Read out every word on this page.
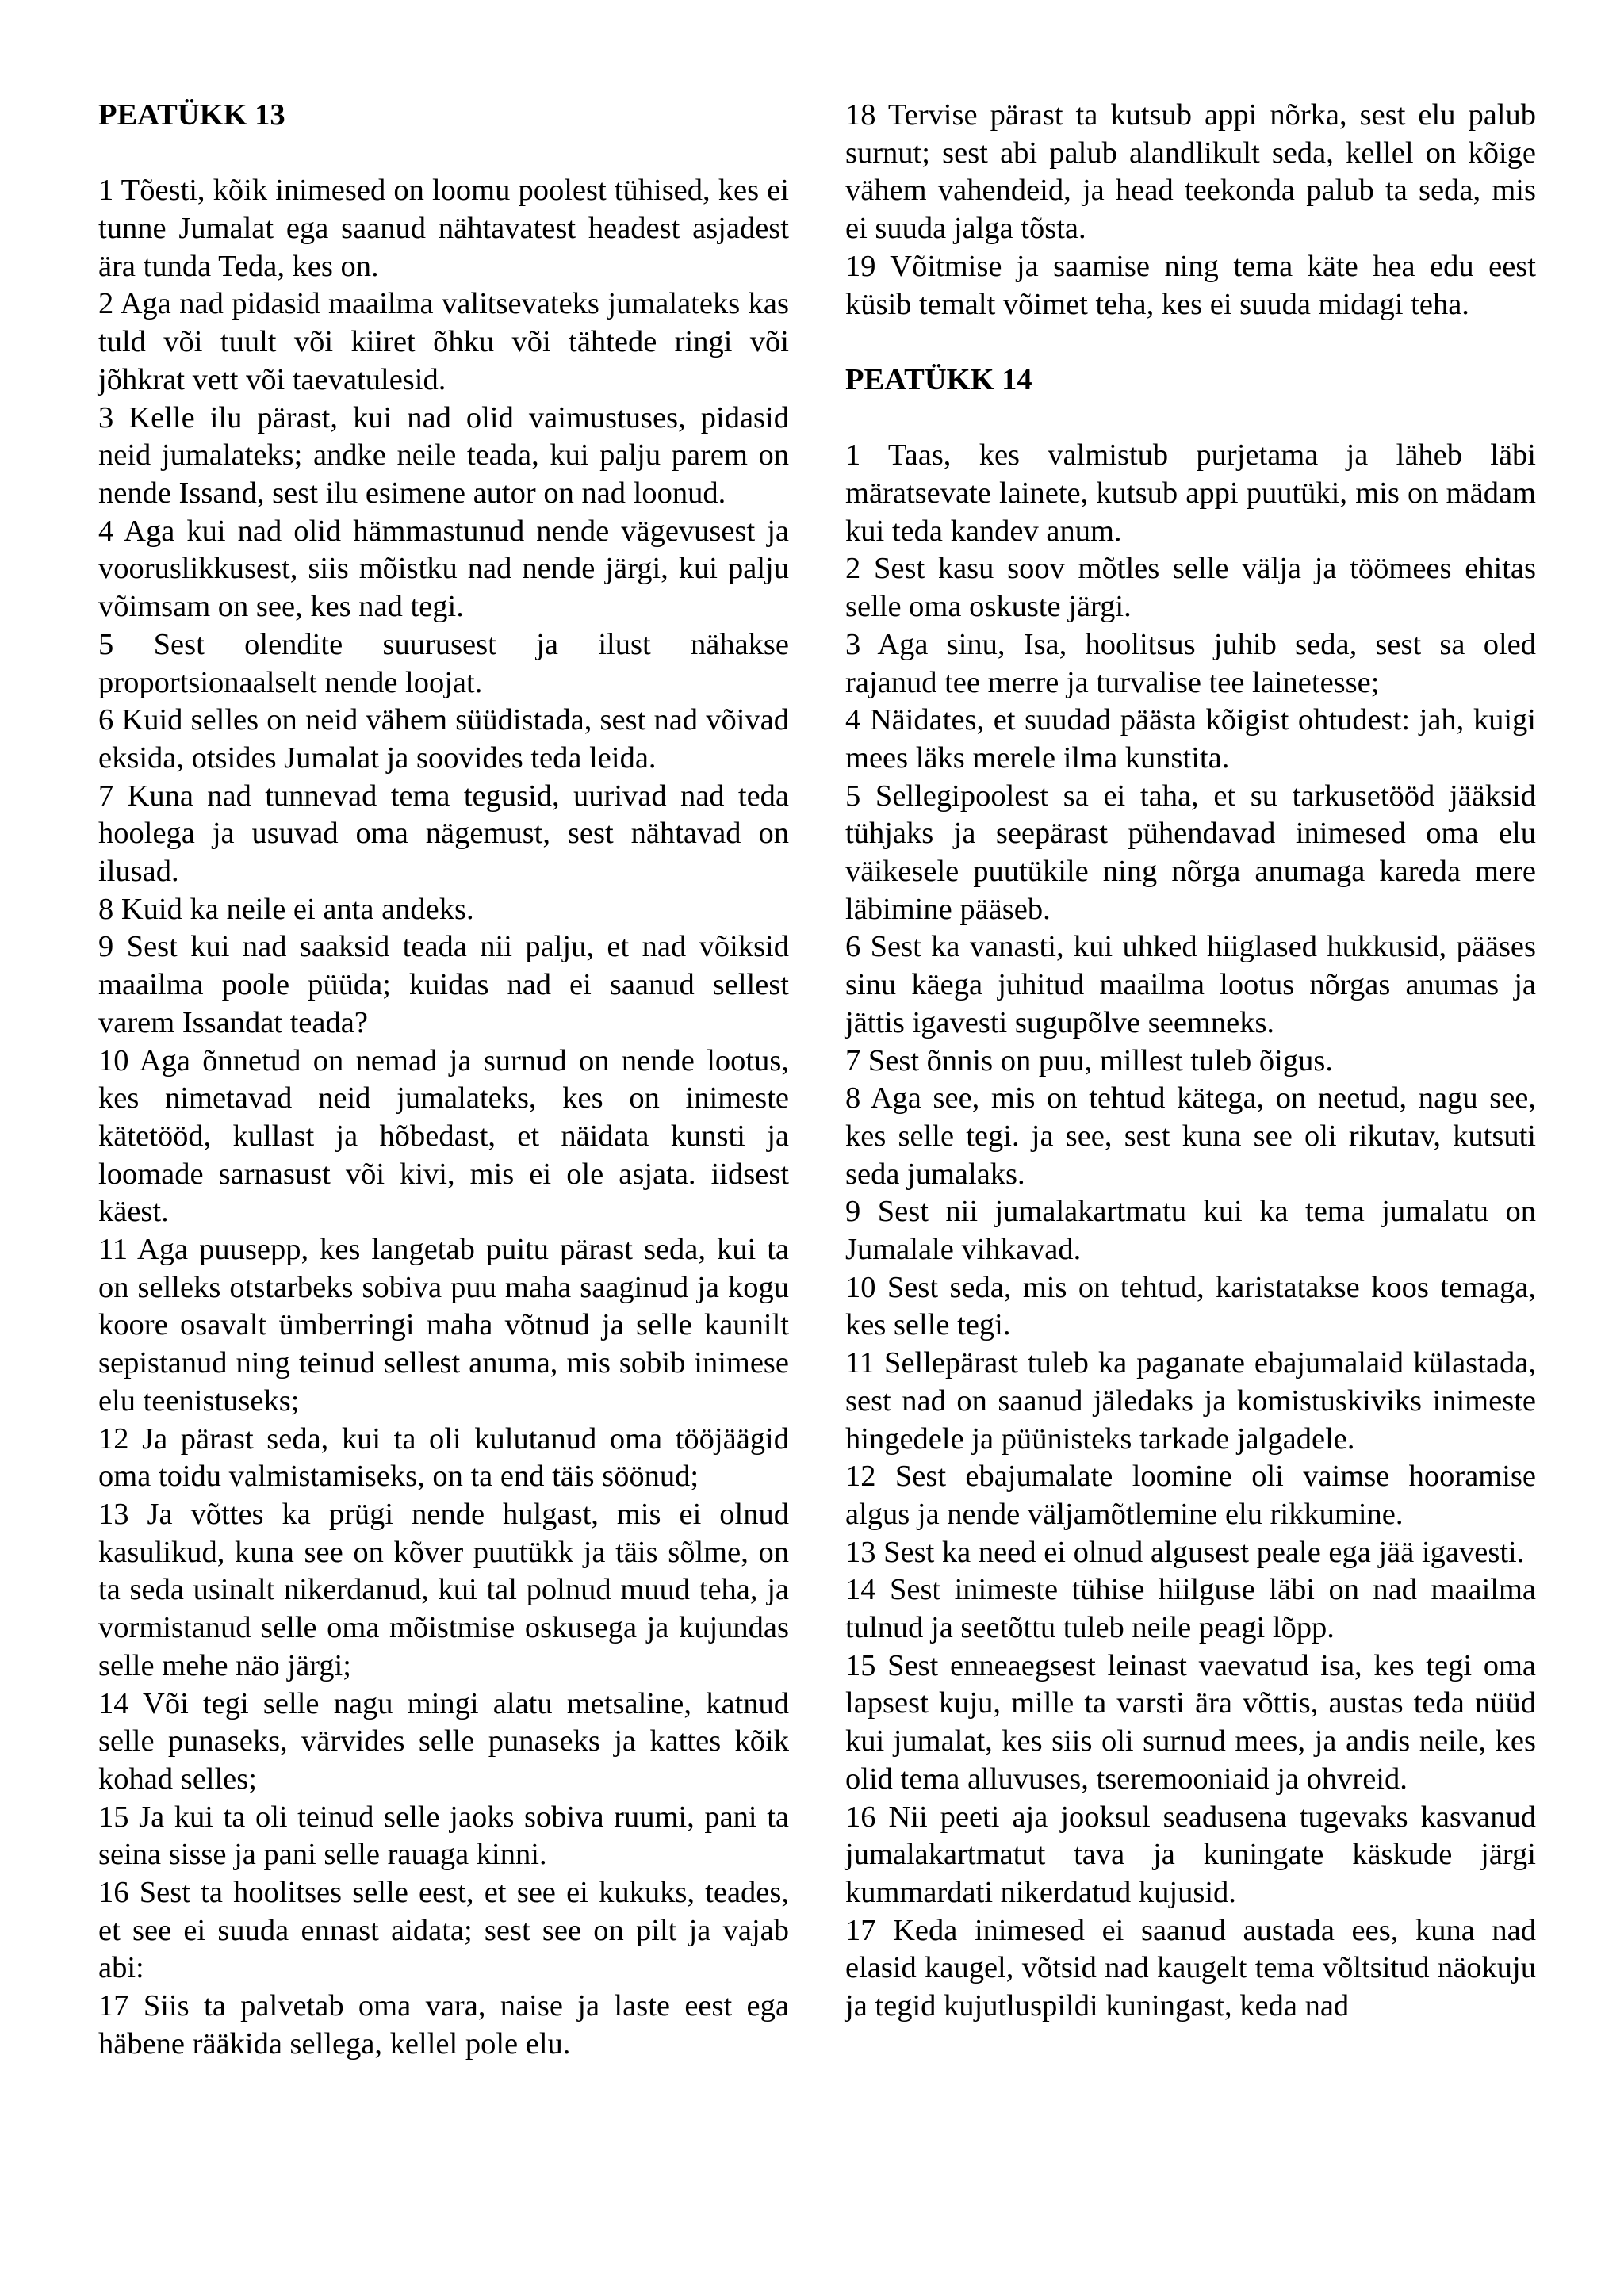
PEATÜKK 13

1 Tõesti, kõik inimesed on loomu poolest tühised, kes ei tunne Jumalat ega saanud nähtavatest headest asjadest ära tunda Teda, kes on.

2 Aga nad pidasid maailma valitsevateks jumalateks kas tuld või tuult või kiiret õhku või tähtede ringi või jõhkrat vett või taevatulesid.

3 Kelle ilu pärast, kui nad olid vaimustuses, pidasid neid jumalateks; andke neile teada, kui palju parem on nende Issand, sest ilu esimene autor on nad loonud.

4 Aga kui nad olid hämmastunud nende vägevusest ja vooruslikkusest, siis mõistku nad nende järgi, kui palju võimsam on see, kes nad tegi.

5 Sest olendite suurusest ja ilust nähakse proportsionaalselt nende loojat.

6 Kuid selles on neid vähem süüdistada, sest nad võivad eksida, otsides Jumalat ja soovides teda leida.

7 Kuna nad tunnevad tema tegusid, uurivad nad teda hoolega ja usuvad oma nägemust, sest nähtavad on ilusad.

8 Kuid ka neile ei anta andeks.

9 Sest kui nad saaksid teada nii palju, et nad võiksid maailma poole püüda; kuidas nad ei saanud sellest varem Issandat teada?

10 Aga õnnetud on nemad ja surnud on nende lootus, kes nimetavad neid jumalateks, kes on inimeste kätetööd, kullast ja hõbedast, et näidata kunsti ja loomade sarnasust või kivi, mis ei ole asjata. iidsest käest.

11 Aga puusepp, kes langetab puitu pärast seda, kui ta on selleks otstarbeks sobiva puu maha saaginud ja kogu koore osavalt ümberringi maha võtnud ja selle kaunilt sepistanud ning teinud sellest anuma, mis sobib inimese elu teenistuseks;

12 Ja pärast seda, kui ta oli kulutanud oma tööjäägid oma toidu valmistamiseks, on ta end täis söönud;

13 Ja võttes ka prügi nende hulgast, mis ei olnud kasulikud, kuna see on kõver puutükk ja täis sõlme, on ta seda usinalt nikerdanud, kui tal polnud muud teha, ja vormistanud selle oma mõistmise oskusega ja kujundas selle mehe näo järgi;

14 Või tegi selle nagu mingi alatu metsaline, katnud selle punaseks, värvides selle punaseks ja kattes kõik kohad selles;

15 Ja kui ta oli teinud selle jaoks sobiva ruumi, pani ta seina sisse ja pani selle rauaga kinni.

16 Sest ta hoolitses selle eest, et see ei kukuks, teades, et see ei suuda ennast aidata; sest see on pilt ja vajab abi:

17 Siis ta palvetab oma vara, naise ja laste eest ega häbene rääkida sellega, kellel pole elu.

18 Tervise pärast ta kutsub appi nõrka, sest elu palub surnut; sest abi palub alandlikult seda, kellel on kõige vähem vahendeid, ja head teekonda palub ta seda, mis ei suuda jalga tõsta.

19 Võitmise ja saamise ning tema käte hea edu eest küsib temalt võimet teha, kes ei suuda midagi teha.

PEATÜKK 14

1 Taas, kes valmistub purjetama ja läheb läbi märatsevate lainete, kutsub appi puutüki, mis on mädam kui teda kandev anum.

2 Sest kasu soov mõtles selle välja ja töömees ehitas selle oma oskuste järgi.

3 Aga sinu, Isa, hoolitsus juhib seda, sest sa oled rajanud tee merre ja turvalise tee lainetesse;

4 Näidates, et suudad päästa kõigist ohtudest: jah, kuigi mees läks merele ilma kunstita.

5 Sellegipoolest sa ei taha, et su tarkusetööd jääksid tühjaks ja seepärast pühendavad inimesed oma elu väikesele puutükile ning nõrga anumaga kareda mere läbimine pääseb.

6 Sest ka vanasti, kui uhked hiiglased hukkusid, pääses sinu käega juhitud maailma lootus nõrgas anumas ja jättis igavesti sugupõlve seemneks.

7 Sest õnnis on puu, millest tuleb õigus.

8 Aga see, mis on tehtud kätega, on neetud, nagu see, kes selle tegi. ja see, sest kuna see oli rikutav, kutsuti seda jumalaks.

9 Sest nii jumalakartmatu kui ka tema jumalatu on Jumalale vihkavad.

10 Sest seda, mis on tehtud, karistatakse koos temaga, kes selle tegi.

11 Sellepärast tuleb ka paganate ebajumalaid külastada, sest nad on saanud jäledaks ja komistuskiviks inimeste hingedele ja püünisteks tarkade jalgadele.

12 Sest ebajumalate loomine oli vaimse hooramise algus ja nende väljamõtlemine elu rikkumine.

13 Sest ka need ei olnud algusest peale ega jää igavesti.

14 Sest inimeste tühise hiilguse läbi on nad maailma tulnud ja seetõttu tuleb neile peagi lõpp.

15 Sest enneaegsest leinast vaevatud isa, kes tegi oma lapsest kuju, mille ta varsti ära võttis, austas teda nüüd kui jumalat, kes siis oli surnud mees, ja andis neile, kes olid tema alluvuses, tseremooniaid ja ohvreid.

16 Nii peeti aja jooksul seadusena tugevaks kasvanud jumalakartmatut tava ja kuningate käskude järgi kummardati nikerdatud kujusid.

17 Keda inimesed ei saanud austada ees, kuna nad elasid kaugel, võtsid nad kaugelt tema võltsitud näokuju ja tegid kujutluspildi kuningast, keda nad
